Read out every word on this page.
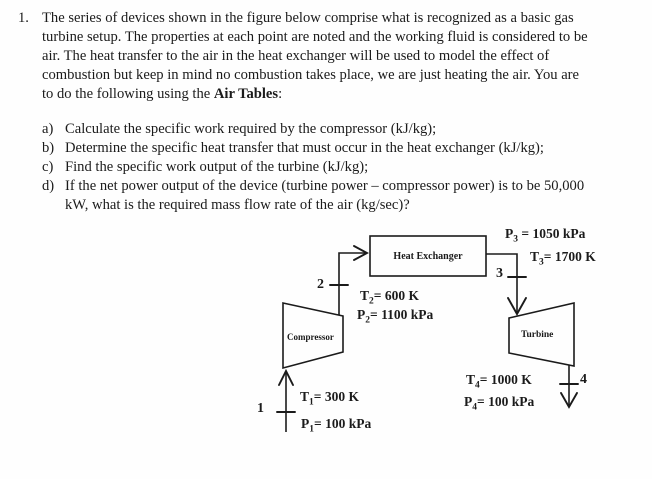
1. The series of devices shown in the figure below comprise what is recognized as a basic gas
turbine setup. The properties at each point are noted and the working fluid is considered to be
air. The heat transfer to the air in the heat exchanger will be used to model the effect of
combustion but keep in mind no combustion takes place, we are just heating the air. You are
to do the following using the Air Tables:
a) Calculate the specific work required by the compressor (kJ/kg);
b) Determine the specific heat transfer that must occur in the heat exchanger (kJ/kg);
c) Find the specific work output of the turbine (kJ/kg);
d) If the net power output of the device (turbine power – compressor power) is to be 50,000
kW, what is the required mass flow rate of the air (kg/sec)?
Heat Exchanger
Compressor	Turbine
1
2
3
4
$T_1= 300$ K
$P_1= 100$ kPa
$T_2= 600$ K
$P_2= 1100$ kPa
$P_3 = 1050$ kPa
$T_3= 1700$ K
$T_4= 1000$ K
$P_4= 100$ kPa
